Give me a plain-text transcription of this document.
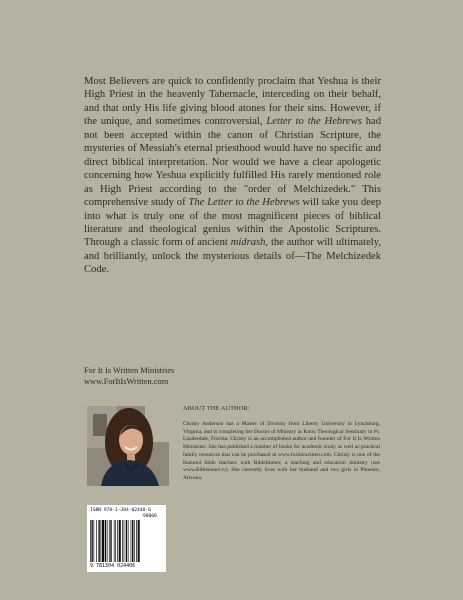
Most Believers are quick to confidently proclaim that Yeshua is their High Priest in the heavenly Tabernacle, interceding on their behalf, and that only His life giving blood atones for their sins. However, if the unique, and sometimes controversial, Letter to the Hebrews had not been accepted within the canon of Christian Scripture, the mysteries of Messiah's eternal priesthood would have no specific and direct biblical interpretation. Nor would we have a clear apologetic concerning how Yeshua explicitly fulfilled His rarely mentioned role as High Priest according to the "order of Melchizedek." This comprehensive study of The Letter to the Hebrews will take you deep into what is truly one of the most magnificent pieces of biblical literature and theological genius within the Apostolic Scriptures. Through a classic form of ancient midrash, the author will ultimately, and brilliantly, unlock the mysterious details of—The Melchizedek Code.

For It Is Written Ministries
www.ForItIsWritten.com
ABOUT THE AUTHOR:

Christy Anderson has a Master of Divinity from Liberty University in Lynchburg, Virginia, and is completing her Doctor of Ministry at Knox Theological Seminary in Ft. Lauderdale, Florida. Christy is an accomplished author and founder of For It Is Written Ministries. She has published a number of books for academic study as well as practical family resources that can be purchased at www.foritiswritten.com. Christy is one of the featured bible teachers with BibleImmer, a teaching and education ministry (see www.Bibleisrael.tv). She currently lives with her husband and two girls in Phoenix, Arizona.

ISBN 978-1-304-02440-6
90000
9 781304 024406
